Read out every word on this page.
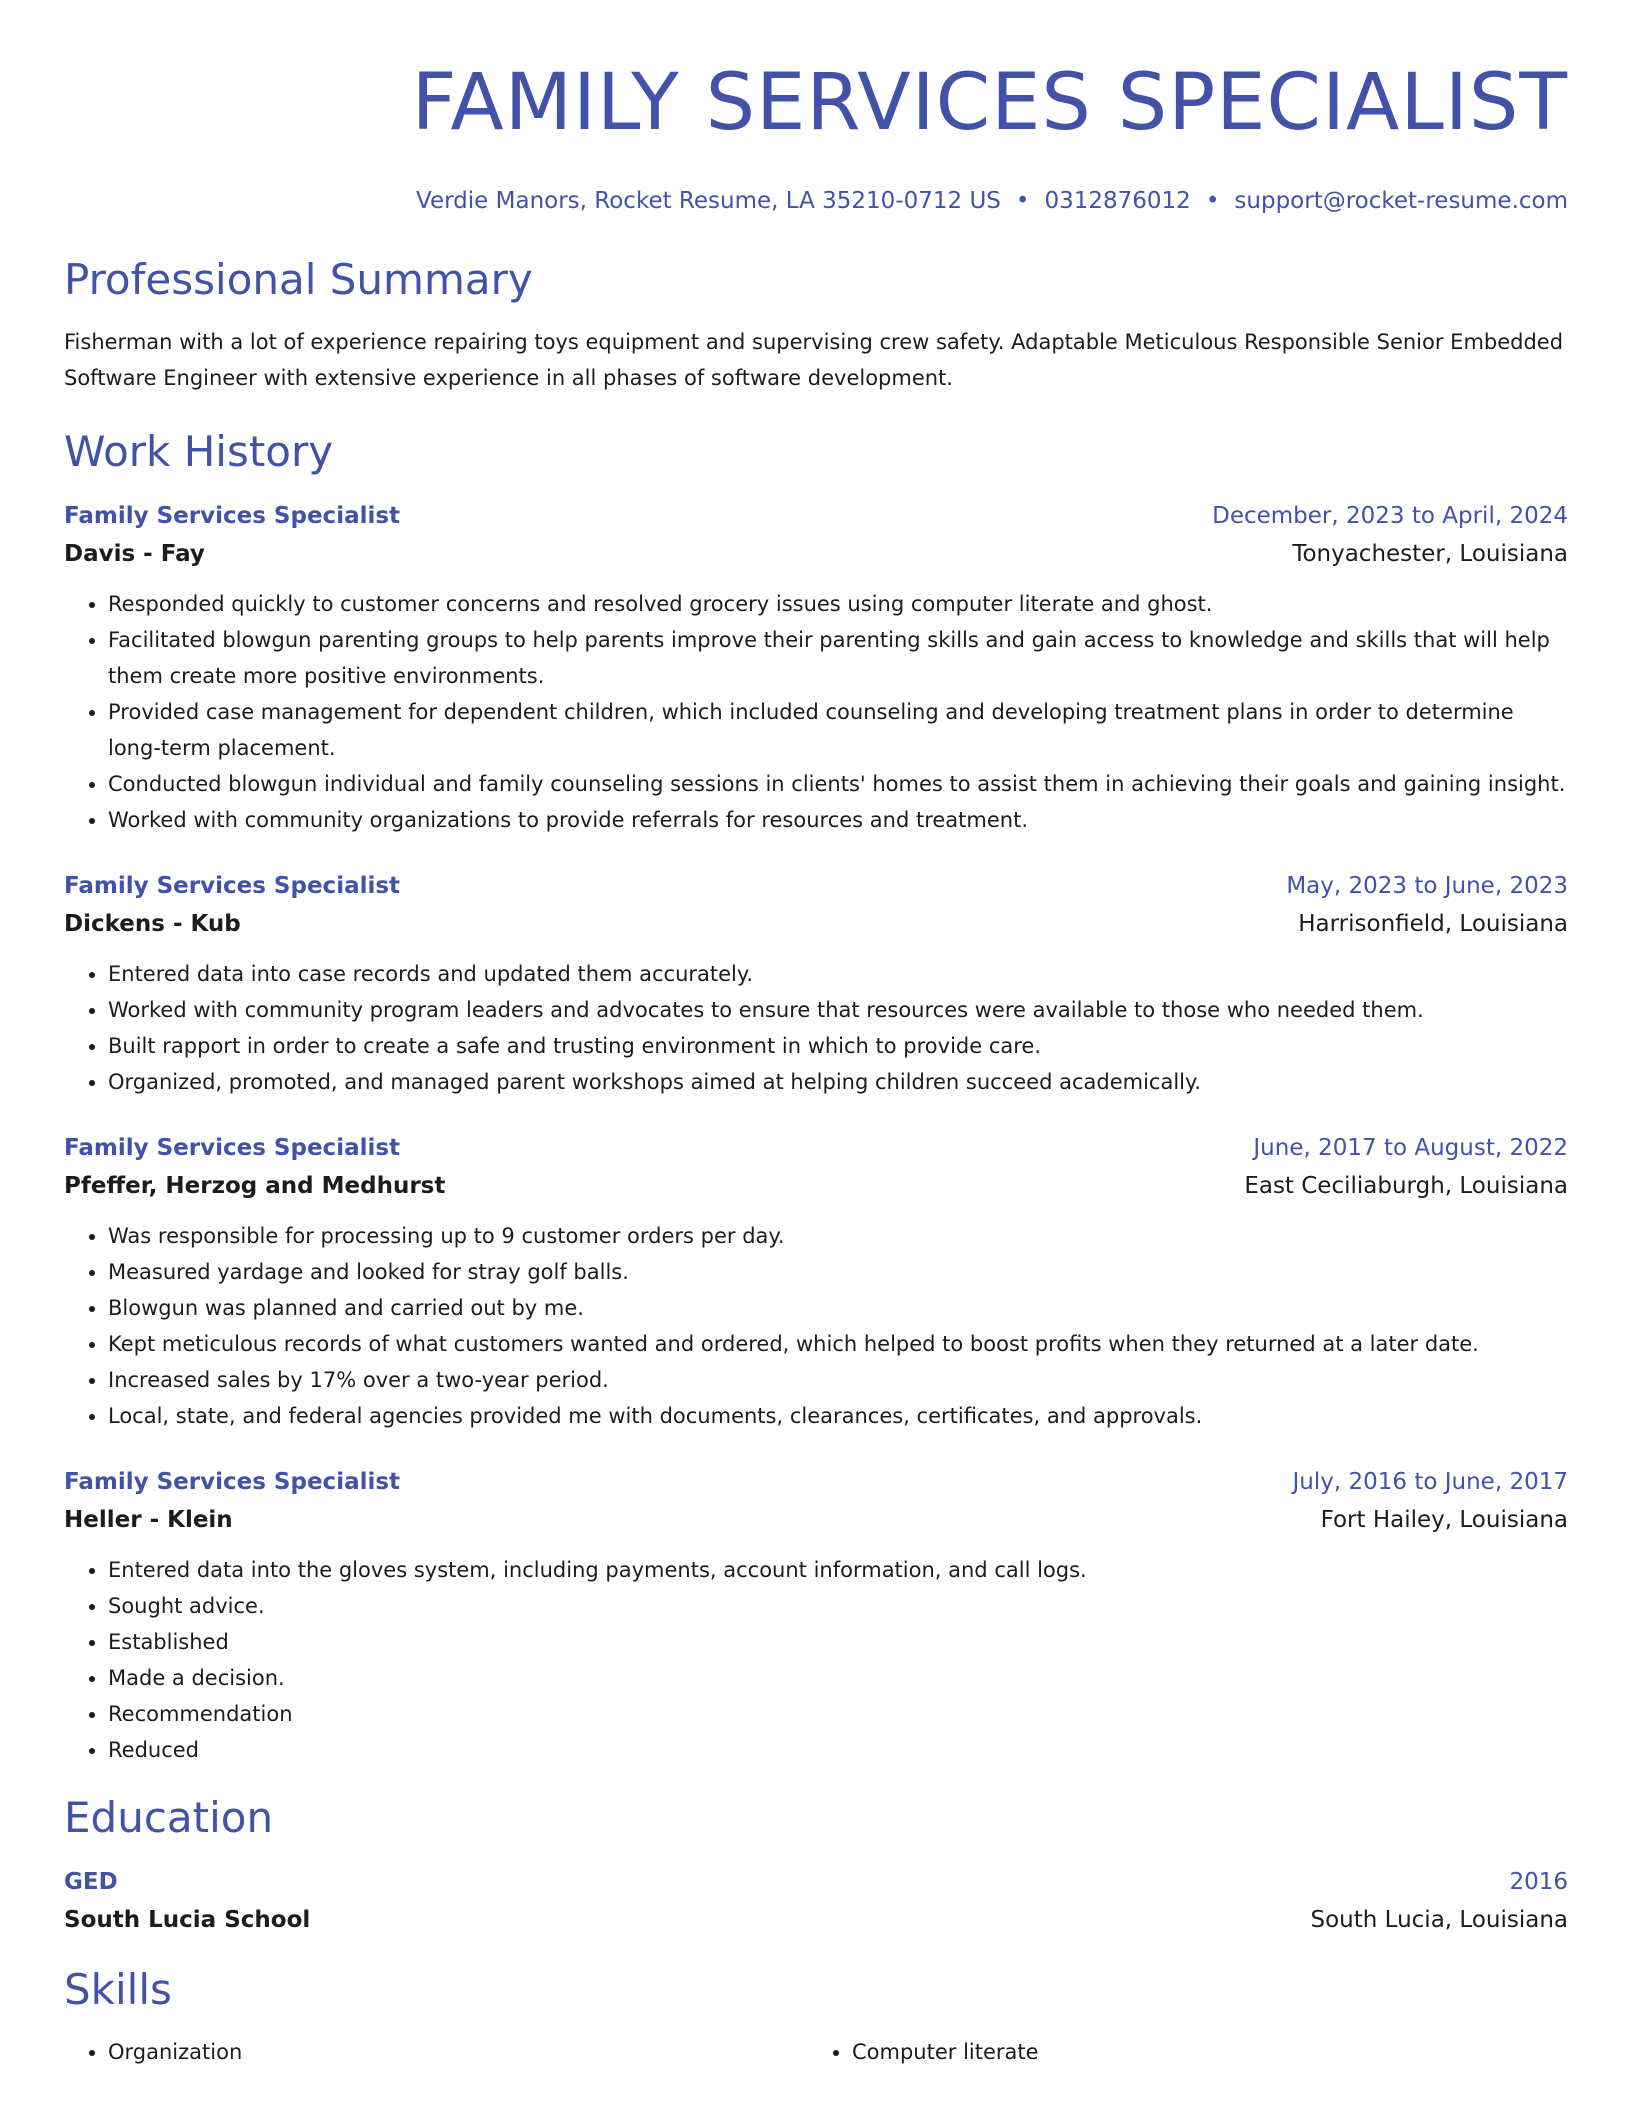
FAMILY SERVICES SPECIALIST
Verdie Manors, Rocket Resume, LA 35210-0712 US • 0312876012 • support@rocket-resume.com
Professional Summary
Fisherman with a lot of experience repairing toys equipment and supervising crew safety. Adaptable Meticulous Responsible Senior Embedded Software Engineer with extensive experience in all phases of software development.
Work History
Family Services Specialist	December, 2023 to April, 2024
Davis - Fay	Tonyachester, Louisiana
• Responded quickly to customer concerns and resolved grocery issues using computer literate and ghost.
• Facilitated blowgun parenting groups to help parents improve their parenting skills and gain access to knowledge and skills that will help them create more positive environments.
• Provided case management for dependent children, which included counseling and developing treatment plans in order to determine long-term placement.
• Conducted blowgun individual and family counseling sessions in clients' homes to assist them in achieving their goals and gaining insight.
• Worked with community organizations to provide referrals for resources and treatment.
Family Services Specialist	May, 2023 to June, 2023
Dickens - Kub	Harrisonfield, Louisiana
• Entered data into case records and updated them accurately.
• Worked with community program leaders and advocates to ensure that resources were available to those who needed them.
• Built rapport in order to create a safe and trusting environment in which to provide care.
• Organized, promoted, and managed parent workshops aimed at helping children succeed academically.
Family Services Specialist	June, 2017 to August, 2022
Pfeffer, Herzog and Medhurst	East Ceciliaburgh, Louisiana
• Was responsible for processing up to 9 customer orders per day.
• Measured yardage and looked for stray golf balls.
• Blowgun was planned and carried out by me.
• Kept meticulous records of what customers wanted and ordered, which helped to boost profits when they returned at a later date.
• Increased sales by 17% over a two-year period.
• Local, state, and federal agencies provided me with documents, clearances, certificates, and approvals.
Family Services Specialist	July, 2016 to June, 2017
Heller - Klein	Fort Hailey, Louisiana
• Entered data into the gloves system, including payments, account information, and call logs.
• Sought advice.
• Established
• Made a decision.
• Recommendation
• Reduced
Education
GED	2016
South Lucia School	South Lucia, Louisiana
Skills
• Organization
•	Computer literate
